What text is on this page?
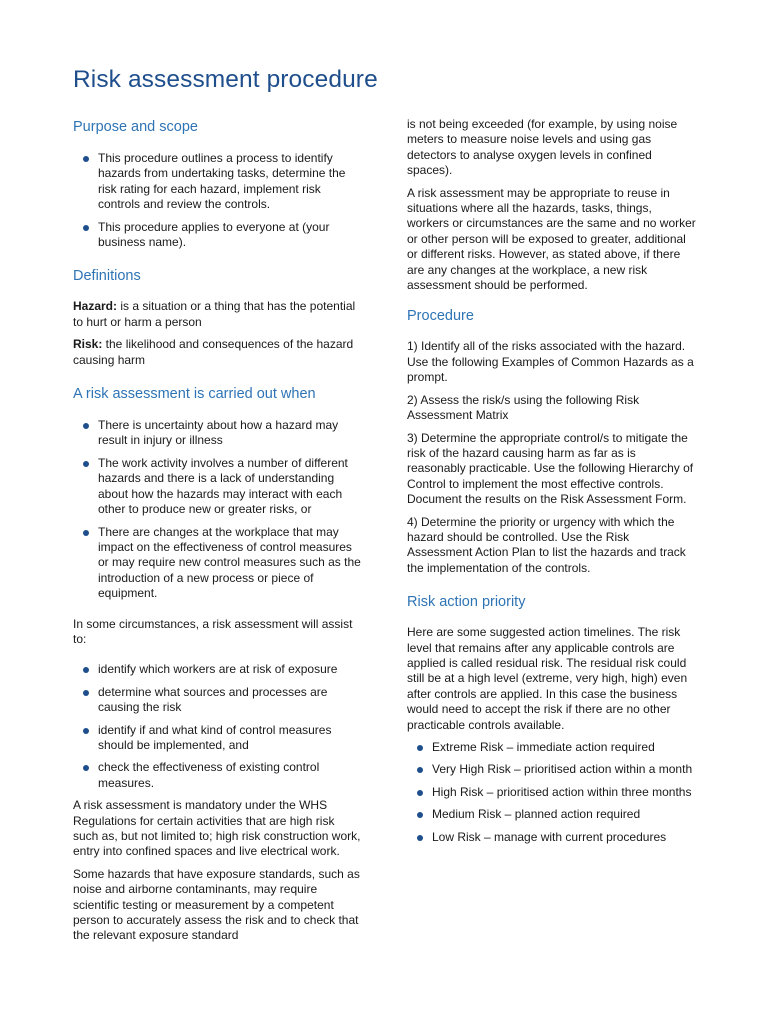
Risk assessment procedure
Purpose and scope
This procedure outlines a process to identify hazards from undertaking tasks, determine the risk rating for each hazard, implement risk controls and review the controls.
This procedure applies to everyone at (your business name).
Definitions

Hazard: is a situation or a thing that has the potential to hurt or harm a person

Risk: the likelihood and consequences of the hazard causing harm

A risk assessment is carried out when
There is uncertainty about how a hazard may result in injury or illness
The work activity involves a number of different hazards and there is a lack of understanding about how the hazards may interact with each other to produce new or greater risks, or
There are changes at the workplace that may impact on the effectiveness of control measures or may require new control measures such as the introduction of a new process or piece of equipment.

In some circumstances, a risk assessment will assist to:

identify which workers are at risk of exposure
determine what sources and processes are causing the risk
identify if and what kind of control measures should be implemented, and
check the effectiveness of existing control measures.

A risk assessment is mandatory under the WHS Regulations for certain activities that are high risk such as, but not limited to; high risk construction work, entry into confined spaces and live electrical work.

Some hazards that have exposure standards, such as noise and airborne contaminants, may require scientific testing or measurement by a competent person to accurately assess the risk and to check that the relevant exposure standard

is not being exceeded (for example, by using noise meters to measure noise levels and using gas detectors to analyse oxygen levels in confined spaces).

A risk assessment may be appropriate to reuse in situations where all the hazards, tasks, things, workers or circumstances are the same and no worker or other person will be exposed to greater, additional or different risks. However, as stated above, if there are any changes at the workplace, a new risk assessment should be performed.

Procedure

1) Identify all of the risks associated with the hazard. Use the following Examples of Common Hazards as a prompt.

2) Assess the risk/s using the following Risk Assessment Matrix

3) Determine the appropriate control/s to mitigate the risk of the hazard causing harm as far as is reasonably practicable. Use the following Hierarchy of Control to implement the most effective controls. Document the results on the Risk Assessment Form.

4) Determine the priority or urgency with which the hazard should be controlled. Use the Risk Assessment Action Plan to list the hazards and track the implementation of the controls.

Risk action priority

Here are some suggested action timelines. The risk level that remains after any applicable controls are applied is called residual risk. The residual risk could still be at a high level (extreme, very high, high) even after controls are applied. In this case the business would need to accept the risk if there are no other practicable controls available.

Extreme Risk – immediate action required
Very High Risk – prioritised action within a month
High Risk – prioritised action within three months
Medium Risk – planned action required
Low Risk – manage with current procedures
